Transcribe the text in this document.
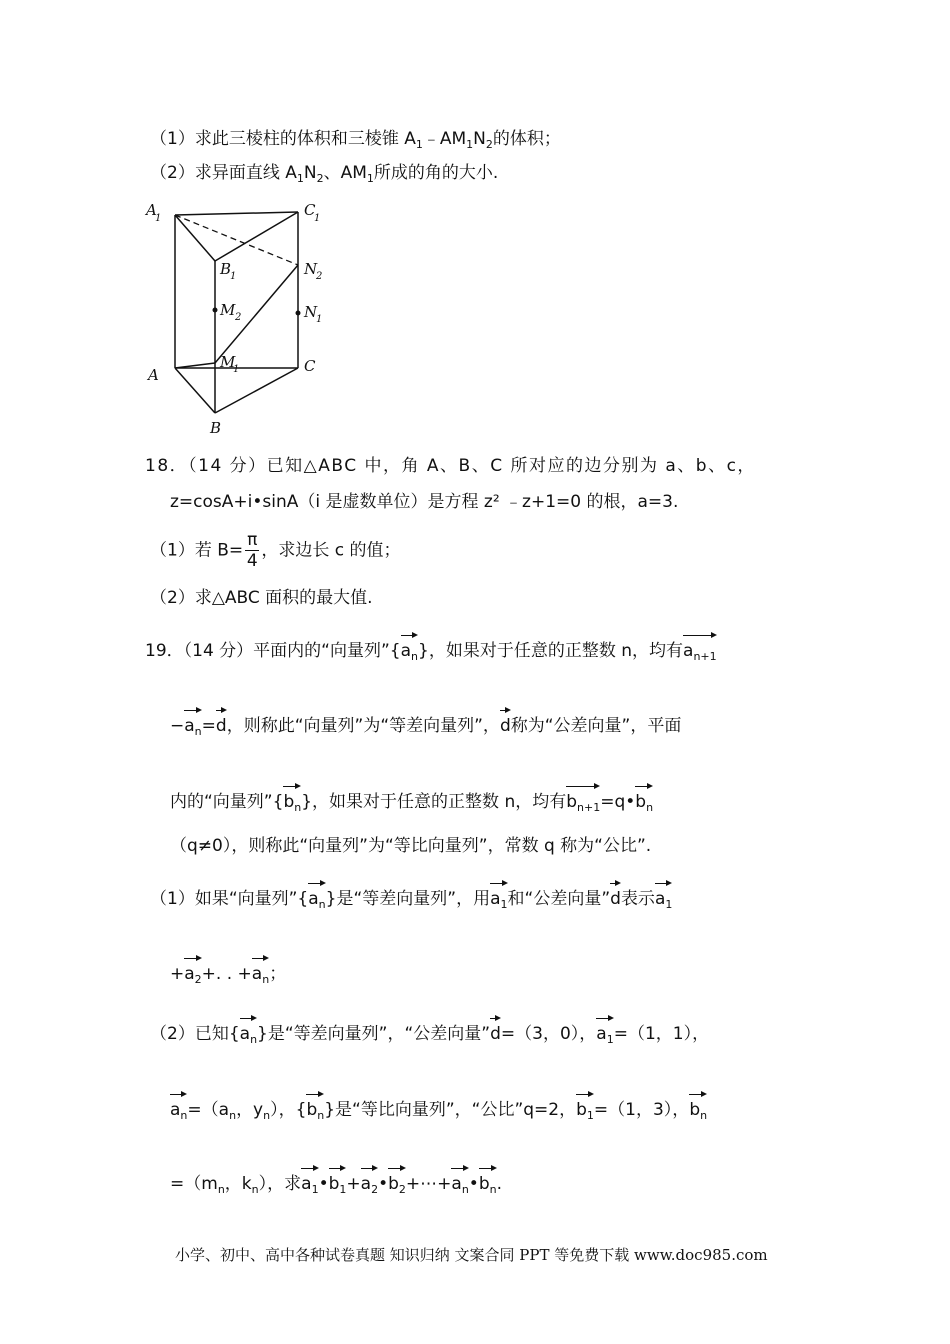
（1）求此三棱柱的体积和三棱锥 $A_1﹣AM_1N_2$的体积；
（2）求异面直线 $A_1N_2$、$AM_1$所成的角的大小.
A
1	C
1
B
1	N
2
M 2	N
1
A
M
1	C
B
18．（14 分）已知△ABC 中，角 A、B、C 所对应的边分别为 a、b、c，
z=cosA+i•sinA（i 是虚数单位）是方程 z² ﹣z+1=0 的根，a=3.
（1）若 $B= \frac{\pi}{4}$ ，求边长 c 的值；
（2）求△ABC 面积的最大值.
19．（14 分）平面内的“向量列$”\{a_n\}$，如果对于任意的正整数 n，均有$a_{n+1}$
$-a_n=d$，则称此“向量列”为“等差向量列”，d称为“公差向量”，平面
内的“向量列$”\{b_n\}$，如果对于任意的正整数 n，均有$b_{n+1}=q•b_n$
（q≠0），则称此“向量列”为“等比向量列”，常数 q 称为“公比”.
（1）如果“向量列$”\{a_n\}$是“等差向量列”，用$a_1$和“公差向量”d表示$a_1$
$+a_2+$. . $+a_n$；
（2）已知$\{a_n\}$是“等差向量列”，“公差向量”d=（3，0），$a_1=(1$，1），
$a_n=(a_n$，$y_n$），$\{b_n\}$是“等比向量列”，“公比”q=2，$b_1=(1$，3），$b_n$
$=(m_n$，$k_n$），求$a_1•b_1+a_2•b_2+\cdots+a_n•b_n$.
小学、初中、高中各种试卷真题 知识归纳 文案合同 PPT 等免费下载 www.doc985.com
